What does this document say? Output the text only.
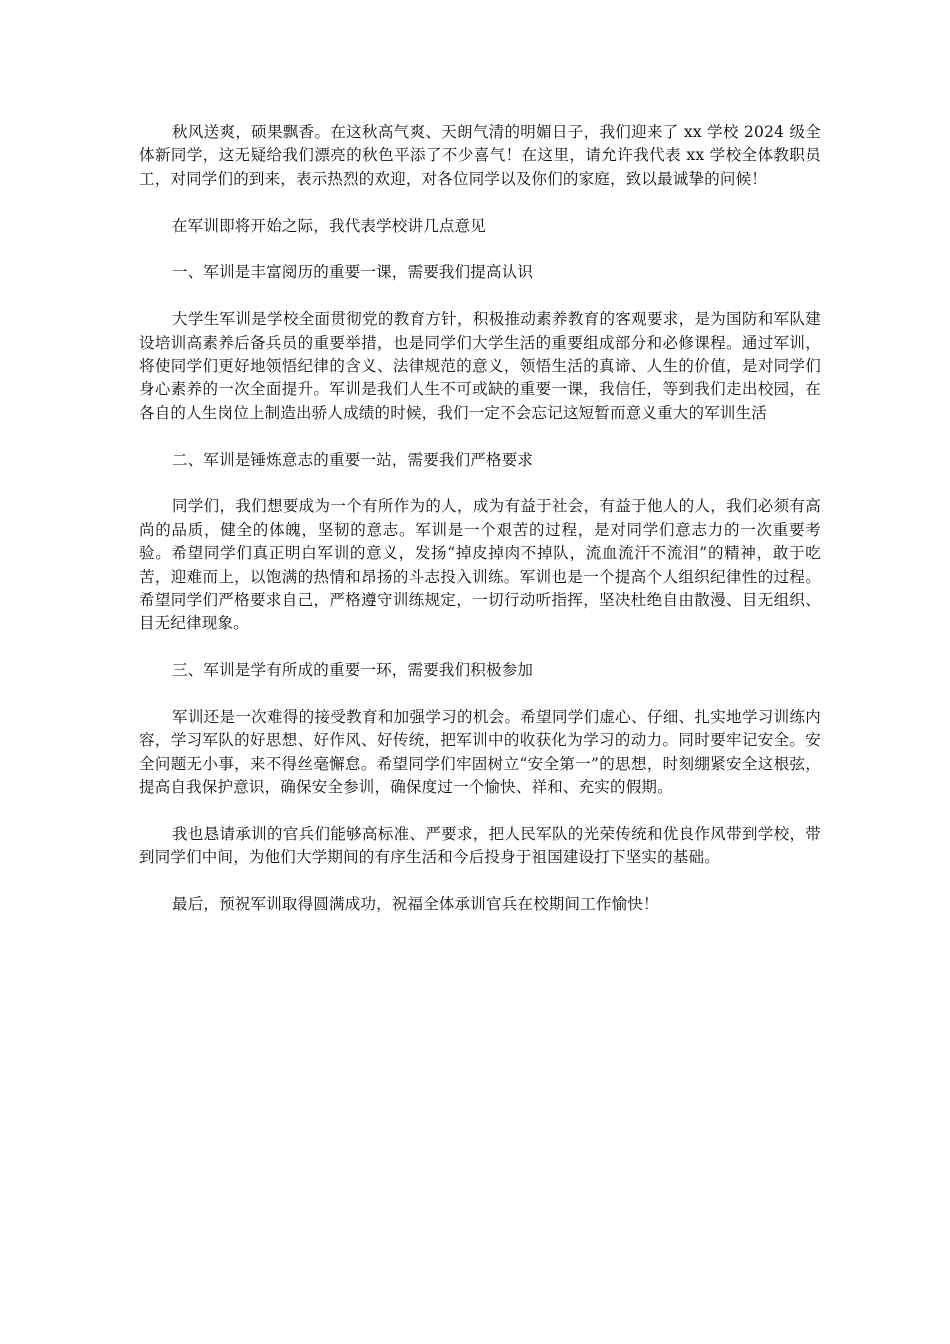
秋风送爽，硕果飘香。在这秋高气爽、天朗气清的明媚日子，我们迎来了 xx 学校 2024 级全体新同学，这无疑给我们漂亮的秋色平添了不少喜气！在这里，请允许我代表 xx 学校全体教职员工，对同学们的到来，表示热烈的欢迎，对各位同学以及你们的家庭，致以最诚挚的问候！

在军训即将开始之际，我代表学校讲几点意见

一、军训是丰富阅历的重要一课，需要我们提高认识

大学生军训是学校全面贯彻党的教育方针，积极推动素养教育的客观要求，是为国防和军队建设培训高素养后备兵员的重要举措，也是同学们大学生活的重要组成部分和必修课程。通过军训，将使同学们更好地领悟纪律的含义、法律规范的意义，领悟生活的真谛、人生的价值，是对同学们身心素养的一次全面提升。军训是我们人生不可或缺的重要一课，我信任，等到我们走出校园，在各自的人生岗位上制造出骄人成绩的时候，我们一定不会忘记这短暂而意义重大的军训生活

二、军训是锤炼意志的重要一站，需要我们严格要求

同学们，我们想要成为一个有所作为的人，成为有益于社会，有益于他人的人，我们必须有高尚的品质，健全的体魄，坚韧的意志。军训是一个艰苦的过程，是对同学们意志力的一次重要考验。希望同学们真正明白军训的意义，发扬“掉皮掉肉不掉队，流血流汗不流泪”的精神，敢于吃苦，迎难而上，以饱满的热情和昂扬的斗志投入训练。军训也是一个提高个人组织纪律性的过程。希望同学们严格要求自己，严格遵守训练规定，一切行动听指挥，坚决杜绝自由散漫、目无组织、目无纪律现象。

三、军训是学有所成的重要一环，需要我们积极参加

军训还是一次难得的接受教育和加强学习的机会。希望同学们虚心、仔细、扎实地学习训练内容，学习军队的好思想、好作风、好传统，把军训中的收获化为学习的动力。同时要牢记安全。安全问题无小事，来不得丝毫懈怠。希望同学们牢固树立“安全第一”的思想，时刻绷紧安全这根弦，提高自我保护意识，确保安全参训，确保度过一个愉快、祥和、充实的假期。

我也恳请承训的官兵们能够高标准、严要求，把人民军队的光荣传统和优良作风带到学校，带到同学们中间，为他们大学期间的有序生活和今后投身于祖国建设打下坚实的基础。

最后，预祝军训取得圆满成功，祝福全体承训官兵在校期间工作愉快！
